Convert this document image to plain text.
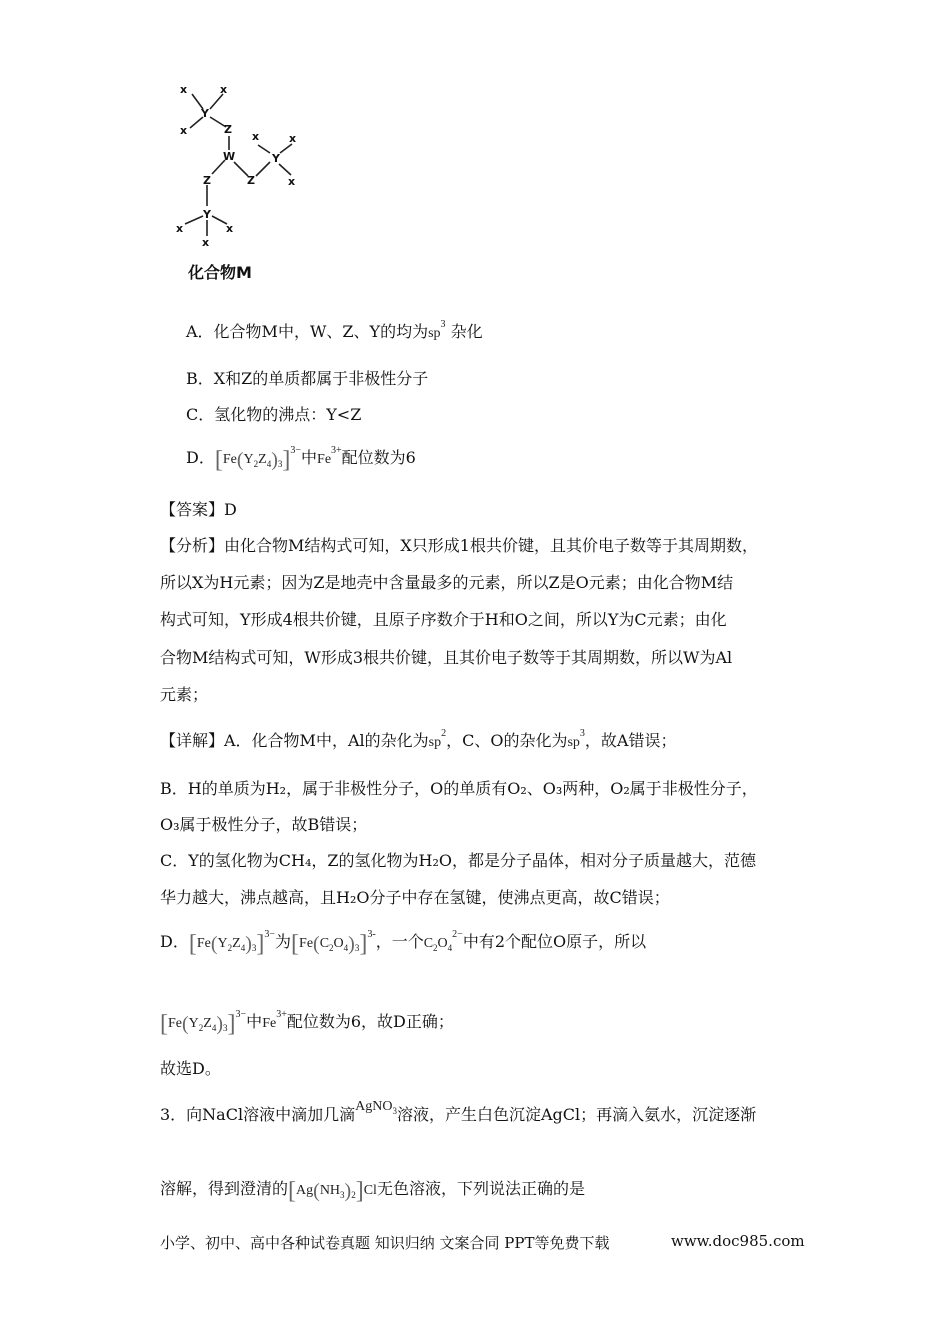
x	x
Y
x	Z
W
x	x
Y
Z	x
Z
Y
x	x
x
化合物M
A．化合物M中，W、Z、Y的均为$sp^3$ 杂化
B．X和Z的单质都属于非极性分子
C．氢化物的沸点：Y<Z
D．$[Fe(Y_2Z_4)_3]^{3-}$中$Fe^{3+}$配位数为6
【答案】D
【分析】由化合物M结构式可知，X只形成1根共价键，且其价电子数等于其周期数，
所以X为H元素；因为Z是地壳中含量最多的元素，所以Z是O元素；由化合物M结
构式可知，Y形成4根共价键，且原子序数介于H和O之间，所以Y为C元素；由化
合物M结构式可知，W形成3根共价键，且其价电子数等于其周期数，所以W为Al
元素；
【详解】A．化合物M中，Al的杂化为$sp^2$，C、O的杂化为$sp^3$，故A错误；
B．H的单质为H₂，属于非极性分子，O的单质有O₂、O₃两种，O₂属于非极性分子，
O₃属于极性分子，故B错误；
C．Y的氢化物为CH₄，Z的氢化物为H₂O，都是分子晶体，相对分子质量越大，范德
华力越大，沸点越高，且H₂O分子中存在氢键，使沸点更高，故C错误；
D．$[Fe(Y_2Z_4)_3]^{3-}$为$[Fe(C_2O_4)_3]^{3-}$，一个$C_2O_4^{2-}$中有2个配位O原子，所以
$[Fe(Y_2Z_4)_3]^{3-}$中$Fe^{3+}$配位数为6，故D正确；
故选D。
3．向NaCl溶液中滴加几滴AgNO$_3$溶液，产生白色沉淀AgCl；再滴入氨水，沉淀逐渐
溶解，得到澄清的$[Ag(NH_3)_2]Cl$无色溶液，下列说法正确的是
小学、初中、高中各种试卷真题 知识归纳 文案合同 PPT等免费下载	www.doc985.com
